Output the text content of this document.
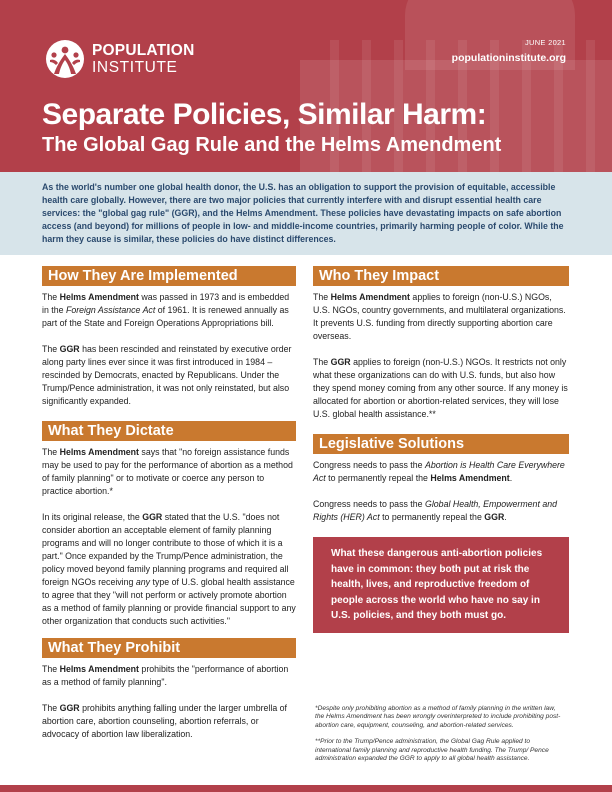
POPULATION
INSTITUTE
JUNE 2021
populationinstitute.org
Separate Policies, Similar Harm:
The Global Gag Rule and the Helms Amendment

As the world's number one global health donor, the U.S. has an obligation to support the provision of equitable, accessible health care globally. However, there are two major policies that currently interfere with and disrupt essential health care services: the "global gag rule" (GGR), and the Helms Amendment. These policies have devastating impacts on safe abortion access (and beyond) for millions of people in low- and middle-income countries, primarily harming people of color. While the harm they cause is similar, these policies do have distinct differences.

How They Are Implemented

The Helms Amendment was passed in 1973 and is embedded in the Foreign Assistance Act of 1961. It is renewed annually as part of the State and Foreign Operations Appropriations bill.

The GGR has been rescinded and reinstated by executive order along party lines ever since it was first introduced in 1984 – rescinded by Democrats, enacted by Republicans. Under the Trump/Pence administration, it was not only reinstated, but also significantly expanded.

What They Dictate

The Helms Amendment says that "no foreign assistance funds may be used to pay for the performance of abortion as a method of family planning" or to motivate or coerce any person to practice abortion.*

In its original release, the GGR stated that the U.S. "does not consider abortion an acceptable element of family planning programs and will no longer contribute to those of which it is a part." Once expanded by the Trump/Pence administration, the policy moved beyond family planning programs and required all foreign NGOs receiving any type of U.S. global health assistance to agree that they "will not perform or actively promote abortion as a method of family planning or provide financial support to any other organization that conducts such activities."

What They Prohibit

The Helms Amendment prohibits the "performance of abortion as a method of family planning".

The GGR prohibits anything falling under the larger umbrella of abortion care, abortion counseling, abortion referrals, or advocacy of abortion law liberalization.

Who They Impact

The Helms Amendment applies to foreign (non-U.S.) NGOs, U.S. NGOs, country governments, and multilateral organizations. It prevents U.S. funding from directly supporting abortion care overseas.

The GGR applies to foreign (non-U.S.) NGOs. It restricts not only what these organizations can do with U.S. funds, but also how they spend money coming from any other source. If any money is allocated for abortion or abortion-related services, they will lose U.S. global health assistance.**

Legislative Solutions

Congress needs to pass the Abortion is Health Care Everywhere Act to permanently repeal the Helms Amendment.

Congress needs to pass the Global Health, Empowerment and Rights (HER) Act to permanently repeal the GGR.

What these dangerous anti-abortion policies have in common: they both put at risk the health, lives, and reproductive freedom of people across the world who have no say in U.S. policies, and they both must go.

*Despite only prohibiting abortion as a method of family planning in the written law, the Helms Amendment has been wrongly overinterpreted to include prohibiting post-abortion care, equipment, counseling, and abortion-related services.

**Prior to the Trump/Pence administration, the Global Gag Rule applied to international family planning and reproductive health funding. The Trump/ Pence administration expanded the GGR to apply to all global health assistance.
